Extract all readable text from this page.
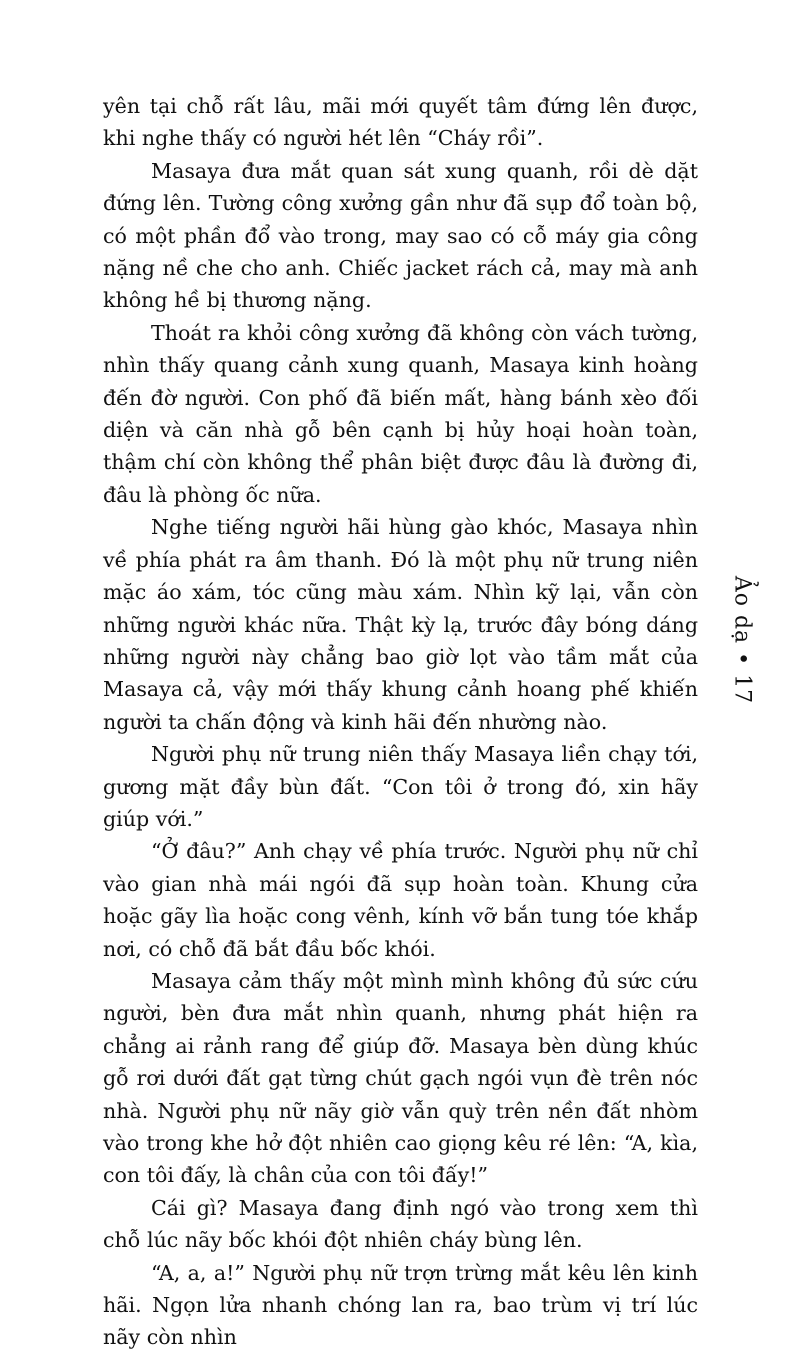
yên tại chỗ rất lâu, mãi mới quyết tâm đứng lên được, khi nghe thấy có người hét lên “Cháy rồi”.

Masaya đưa mắt quan sát xung quanh, rồi dè dặt đứng lên. Tường công xưởng gần như đã sụp đổ toàn bộ, có một phần đổ vào trong, may sao có cỗ máy gia công nặng nề che cho anh. Chiếc jacket rách cả, may mà anh không hề bị thương nặng.

Thoát ra khỏi công xưởng đã không còn vách tường, nhìn thấy quang cảnh xung quanh, Masaya kinh hoàng đến đờ người. Con phố đã biến mất, hàng bánh xèo đối diện và căn nhà gỗ bên cạnh bị hủy hoại hoàn toàn, thậm chí còn không thể phân biệt được đâu là đường đi, đâu là phòng ốc nữa.

Nghe tiếng người hãi hùng gào khóc, Masaya nhìn về phía phát ra âm thanh. Đó là một phụ nữ trung niên mặc áo xám, tóc cũng màu xám. Nhìn kỹ lại, vẫn còn những người khác nữa. Thật kỳ lạ, trước đây bóng dáng những người này chẳng bao giờ lọt vào tầm mắt của Masaya cả, vậy mới thấy khung cảnh hoang phế khiến người ta chấn động và kinh hãi đến nhường nào.

Người phụ nữ trung niên thấy Masaya liền chạy tới, gương mặt đầy bùn đất. “Con tôi ở trong đó, xin hãy giúp với.”

“Ở đâu?” Anh chạy về phía trước. Người phụ nữ chỉ vào gian nhà mái ngói đã sụp hoàn toàn. Khung cửa hoặc gãy lìa hoặc cong vênh, kính vỡ bắn tung tóe khắp nơi, có chỗ đã bắt đầu bốc khói.

Masaya cảm thấy một mình mình không đủ sức cứu người, bèn đưa mắt nhìn quanh, nhưng phát hiện ra chẳng ai rảnh rang để giúp đỡ. Masaya bèn dùng khúc gỗ rơi dưới đất gạt từng chút gạch ngói vụn đè trên nóc nhà. Người phụ nữ nãy giờ vẫn quỳ trên nền đất nhòm vào trong khe hở đột nhiên cao giọng kêu ré lên: “A, kìa, con tôi đấy, là chân của con tôi đấy!”

Cái gì? Masaya đang định ngó vào trong xem thì chỗ lúc nãy bốc khói đột nhiên cháy bùng lên.

“A, a, a!” Người phụ nữ trợn trừng mắt kêu lên kinh hãi. Ngọn lửa nhanh chóng lan ra, bao trùm vị trí lúc nãy còn nhìn

Ảo dạ•17
